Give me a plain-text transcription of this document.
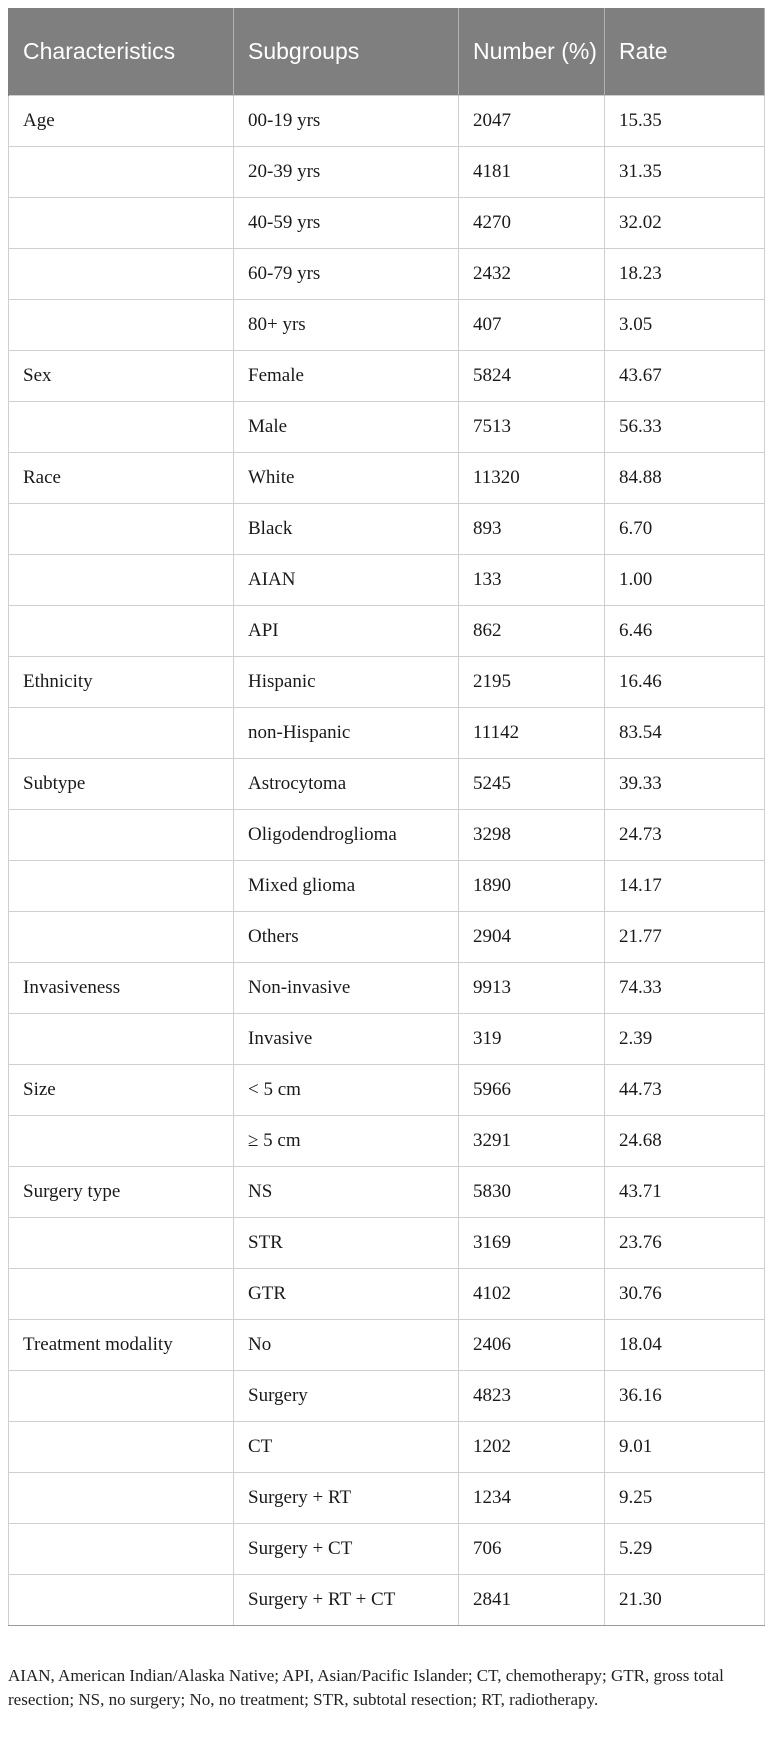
Characteristics	Subgroups	Number (%)	Rate
Age	00-19 yrs	2047	15.35
	20-39 yrs	4181	31.35
	40-59 yrs	4270	32.02
	60-79 yrs	2432	18.23
	80+ yrs	407	3.05
Sex	Female	5824	43.67
	Male	7513	56.33
Race	White	11320	84.88
	Black	893	6.70
	AIAN	133	1.00
	API	862	6.46
Ethnicity	Hispanic	2195	16.46
	non-Hispanic	11142	83.54
Subtype	Astrocytoma	5245	39.33
	Oligodendroglioma	3298	24.73
	Mixed glioma	1890	14.17
	Others	2904	21.77
Invasiveness	Non-invasive	9913	74.33
	Invasive	319	2.39
Size	< 5 cm	5966	44.73
	≥ 5 cm	3291	24.68
Surgery type	NS	5830	43.71
	STR	3169	23.76
	GTR	4102	30.76
Treatment modality	No	2406	18.04
	Surgery	4823	36.16
	CT	1202	9.01
	Surgery + RT	1234	9.25
	Surgery + CT	706	5.29
	Surgery + RT + CT	2841	21.30
AIAN, American Indian/Alaska Native; API, Asian/Pacific Islander; CT, chemotherapy; GTR, gross total resection; NS, no surgery; No, no treatment; STR, subtotal resection; RT, radiotherapy.
